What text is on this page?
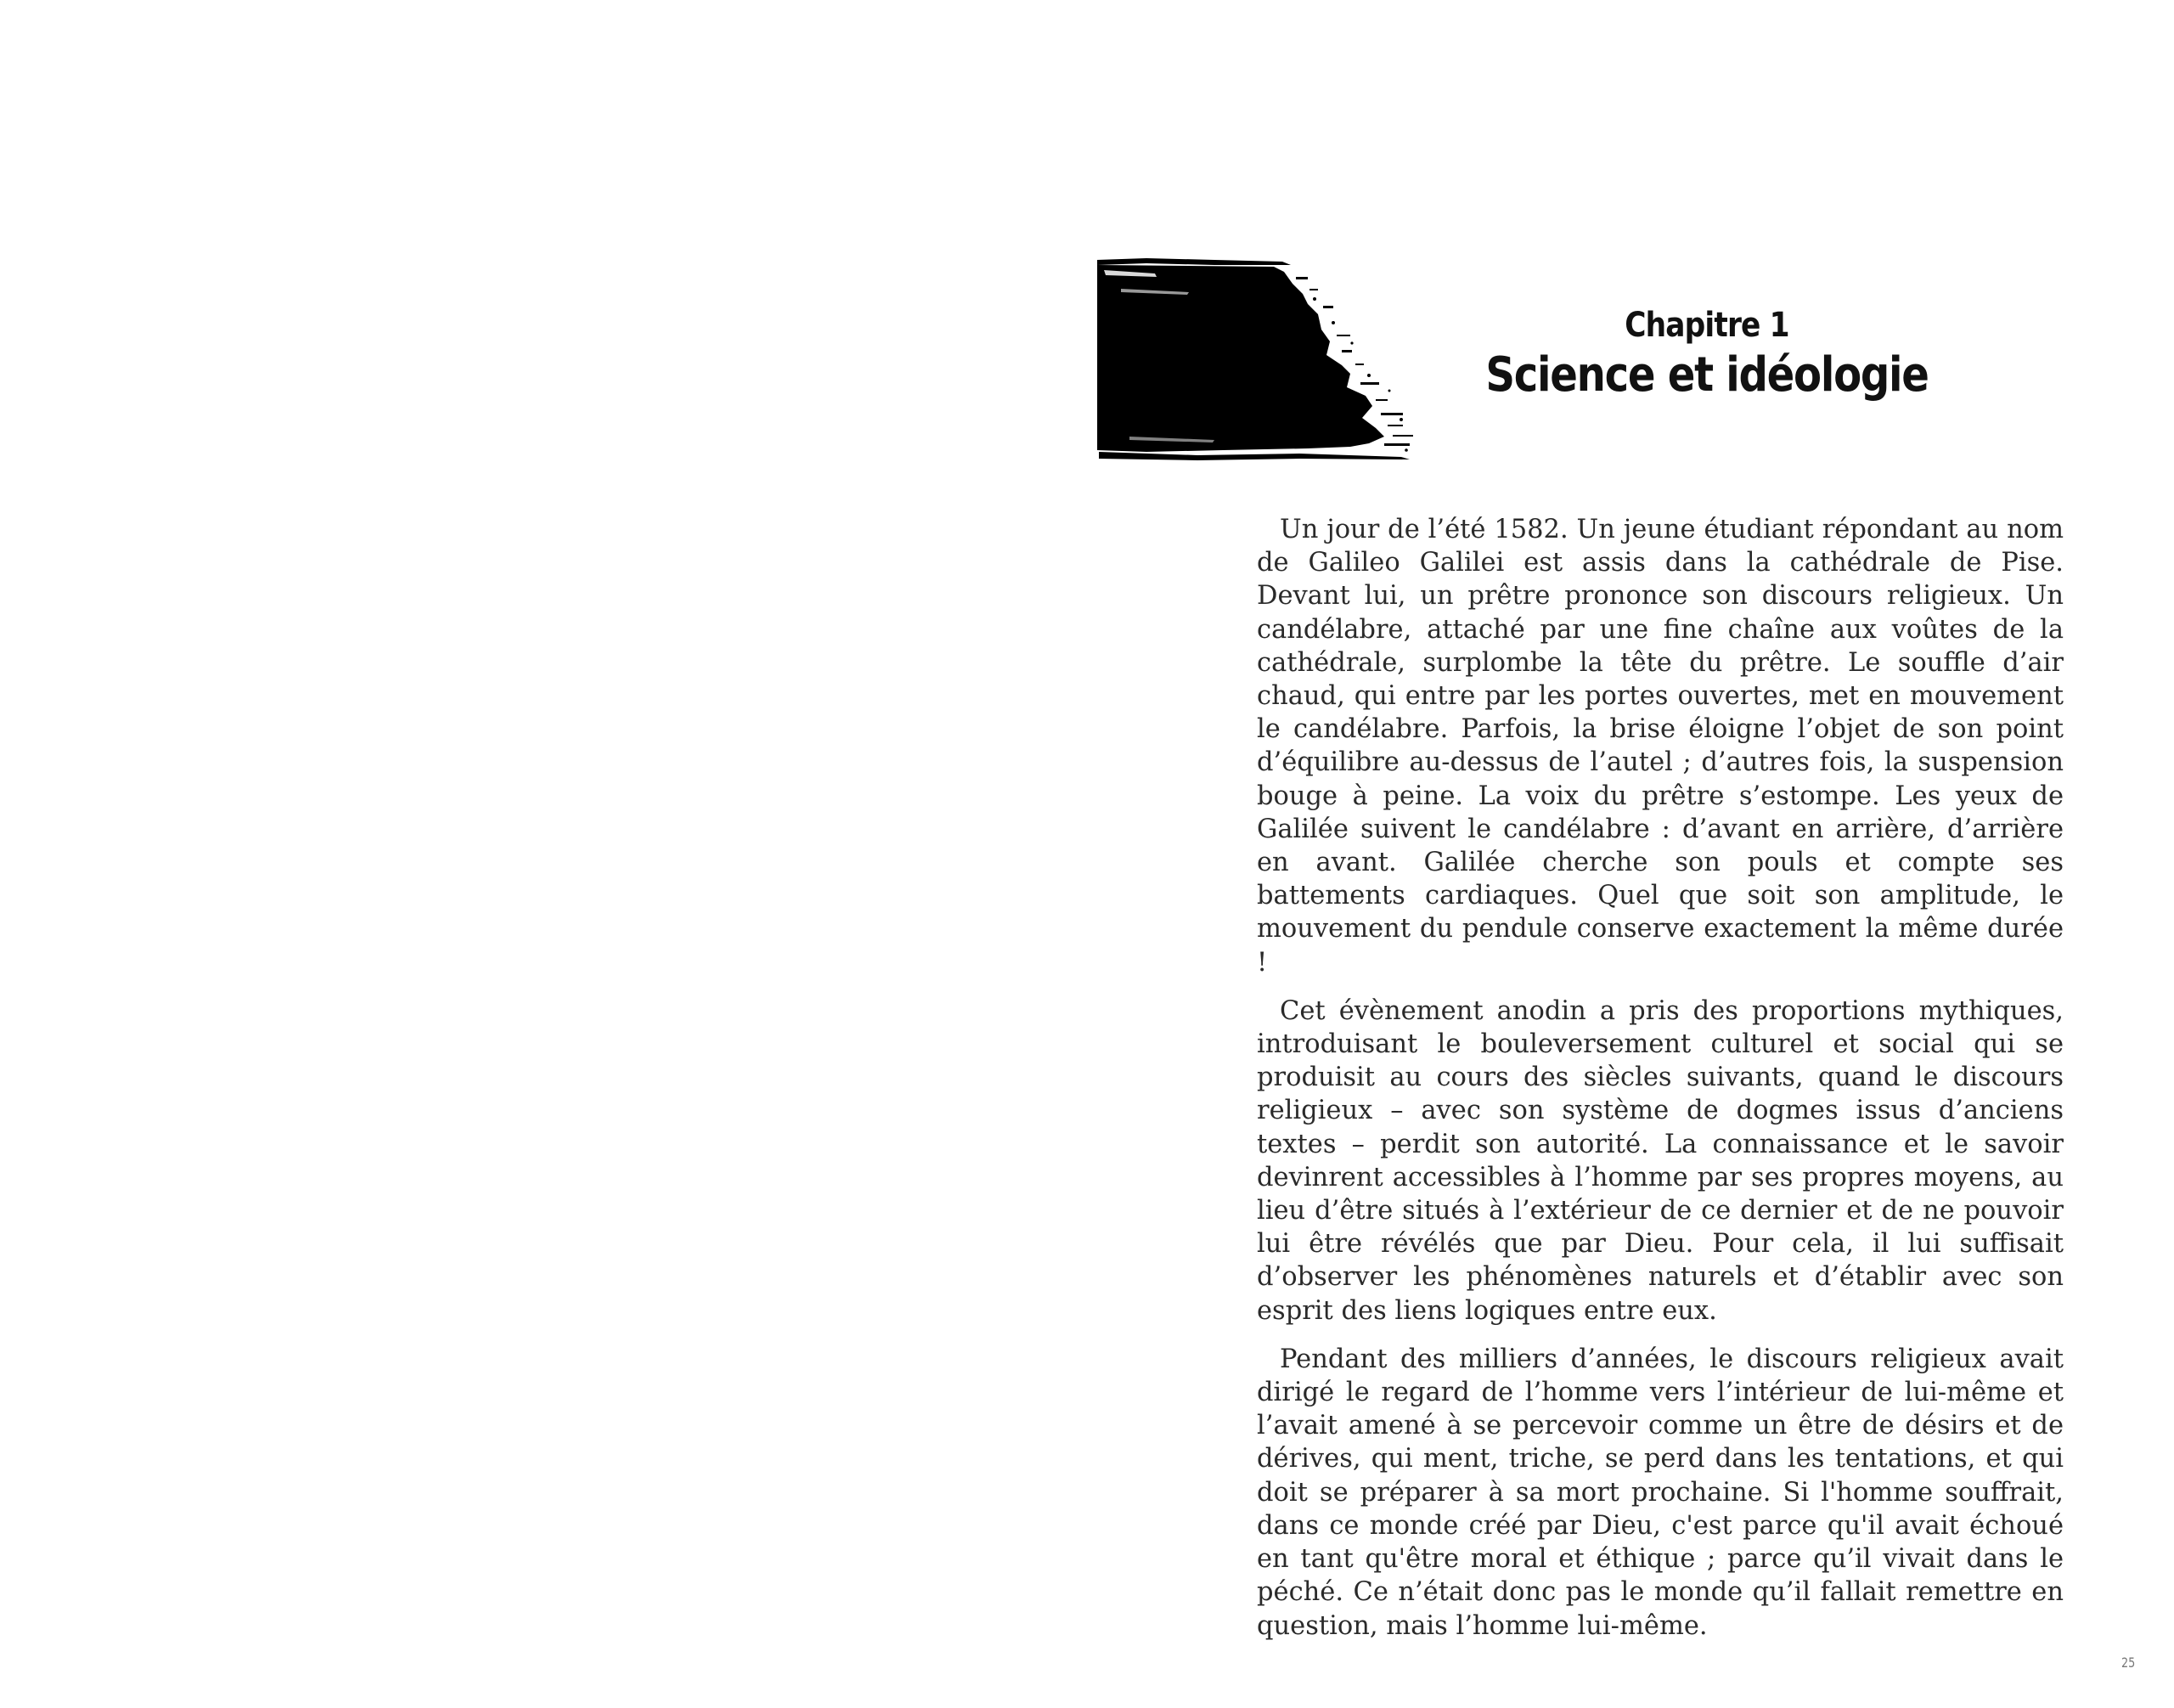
Chapitre 1
Science et idéologie

Un jour de l’été 1582. Un jeune étudiant répondant au nom de Galileo Galilei est assis dans la cathédrale de Pise. Devant lui, un prêtre prononce son discours religieux. Un candélabre, attaché par une fine chaîne aux voûtes de la cathédrale, surplombe la tête du prêtre. Le souffle d’air chaud, qui entre par les portes ouvertes, met en mouvement le candélabre. Parfois, la brise éloigne l’objet de son point d’équilibre au-dessus de l’autel ; d’autres fois, la suspension bouge à peine. La voix du prêtre s’estompe. Les yeux de Galilée suivent le candélabre : d’avant en arrière, d’arrière en avant. Galilée cherche son pouls et compte ses battements cardiaques. Quel que soit son amplitude, le mouvement du pendule conserve exactement la même durée !

Cet évènement anodin a pris des proportions mythiques, introduisant le bouleversement culturel et social qui se produisit au cours des siècles suivants, quand le discours religieux – avec son système de dogmes issus d’anciens textes – perdit son autorité. La connaissance et le savoir devinrent accessibles à l’homme par ses propres moyens, au lieu d’être situés à l’extérieur de ce dernier et de ne pouvoir lui être révélés que par Dieu. Pour cela, il lui suffisait d’observer les phénomènes naturels et d’établir avec son esprit des liens logiques entre eux.

Pendant des milliers d’années, le discours religieux avait dirigé le regard de l’homme vers l’intérieur de lui-même et l’avait amené à se percevoir comme un être de désirs et de dérives, qui ment, triche, se perd dans les tentations, et qui doit se préparer à sa mort prochaine. Si l'homme souffrait, dans ce monde créé par Dieu, c'est parce qu'il avait échoué en tant qu'être moral et éthique ; parce qu’il vivait dans le péché. Ce n’était donc pas le monde qu’il fallait remettre en question, mais l’homme lui-même.

25
